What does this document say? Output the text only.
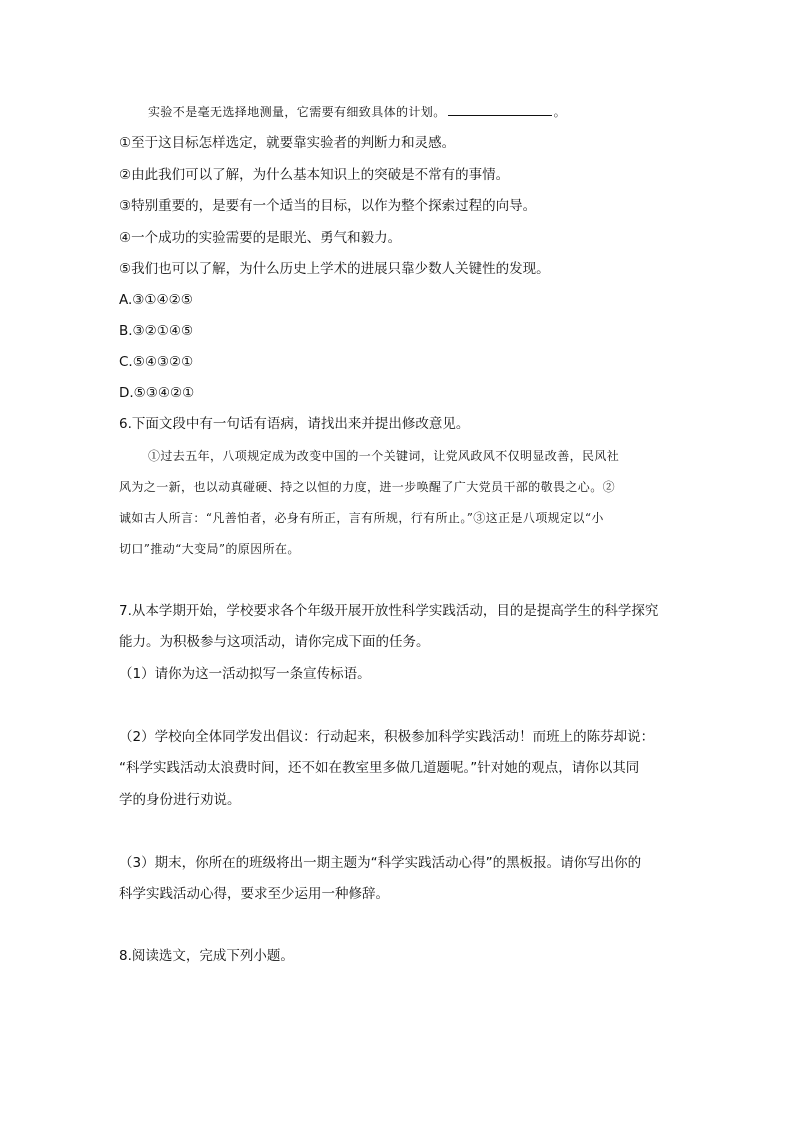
实验不是毫无选择地测量，它需要有细致具体的计划。	。
①至于这目标怎样选定，就要靠实验者的判断力和灵感。
②由此我们可以了解，为什么基本知识上的突破是不常有的事情。
③特别重要的，是要有一个适当的目标，以作为整个探索过程的向导。
④一个成功的实验需要的是眼光、勇气和毅力。
⑤我们也可以了解，为什么历史上学术的进展只靠少数人关键性的发现。
A.③①④②⑤
B.③②①④⑤
C.⑤④③②①
D.⑤③④②①
6.下面文段中有一句话有语病，请找出来并提出修改意见。
①过去五年，八项规定成为改变中国的一个关键词，让党风政风不仅明显改善，民风社
风为之一新，也以动真碰硬、持之以恒的力度，进一步唤醒了广大党员干部的敬畏之心。②
诚如古人所言：“凡善怕者，必身有所正，言有所规，行有所止。”③这正是八项规定以“小
切口”推动“大变局”的原因所在。
7.从本学期开始，学校要求各个年级开展开放性科学实践活动，目的是提高学生的科学探究
能力。为积极参与这项活动，请你完成下面的任务。
（1）请你为这一活动拟写一条宣传标语。
（2）学校向全体同学发出倡议：行动起来，积极参加科学实践活动！而班上的陈芬却说：
“科学实践活动太浪费时间，还不如在教室里多做几道题呢。”针对她的观点，请你以其同
学的身份进行劝说。
（3）期末，你所在的班级将出一期主题为“科学实践活动心得”的黑板报。请你写出你的
科学实践活动心得，要求至少运用一种修辞。
8.阅读选文，完成下列小题。
